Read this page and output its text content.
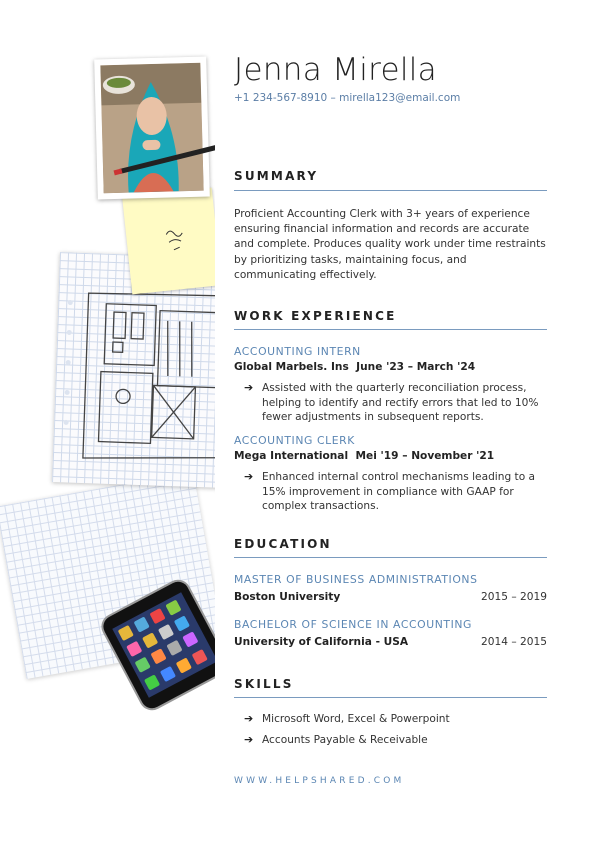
Jenna Mirella
+1 234-567-8910 – mirella123@email.com
SUMMARY
Proficient Accounting Clerk with 3+ years of experience ensuring financial information and records are accurate and complete. Produces quality work under time restraints by prioritizing tasks, maintaining focus, and communicating effectively.
WORK EXPERIENCE
ACCOUNTING INTERN
Global Marbels. Ins June '23 – March '24
➔ Assisted with the quarterly reconciliation process, helping to identify and rectify errors that led to 10% fewer adjustments in subsequent reports.
ACCOUNTING CLERK
Mega International Mei '19 – November '21
➔ Enhanced internal control mechanisms leading to a 15% improvement in compliance with GAAP for complex transactions.
EDUCATION
MASTER OF BUSINESS ADMINISTRATIONS
Boston University	2015 – 2019
BACHELOR OF SCIENCE IN ACCOUNTING
University of California - USA	2014 – 2015
SKILLS
➔ Microsoft Word, Excel & Powerpoint
➔ Accounts Payable & Receivable
WWW.HELPSHARED.COM
